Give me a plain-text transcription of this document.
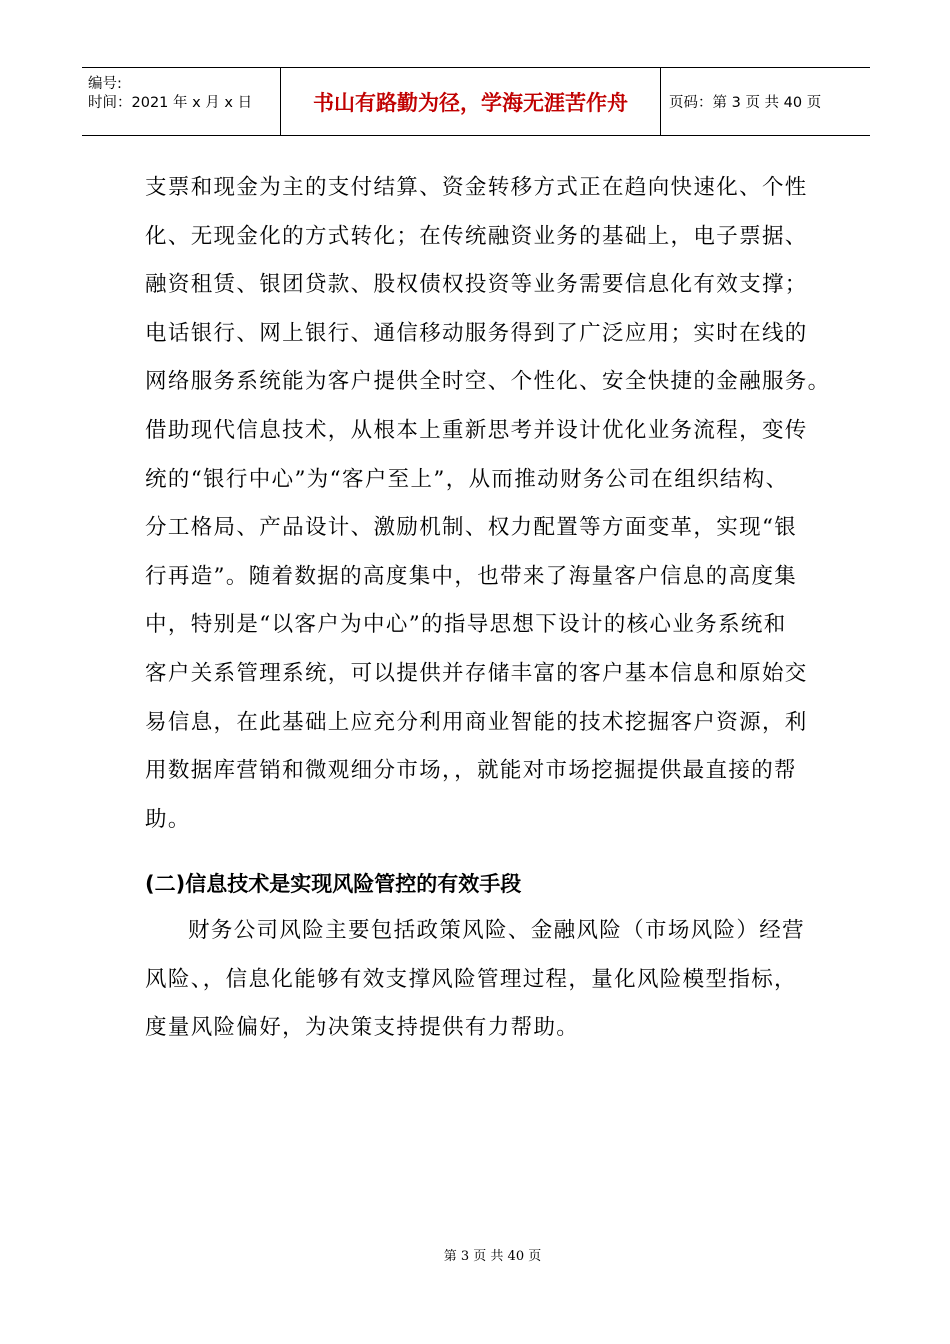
编号:
时间：2021 年 x 月 x 日	书山有路勤为径，学海无涯苦作舟	页码：第 3 页 共 40 页
支票和现金为主的支付结算、资金转移方式正在趋向快速化、个性
化、无现金化的方式转化；在传统融资业务的基础上，电子票据、
融资租赁、银团贷款、股权债权投资等业务需要信息化有效支撑；
电话银行、网上银行、通信移动服务得到了广泛应用；实时在线的
网络服务系统能为客户提供全时空、个性化、安全快捷的金融服务。
借助现代信息技术，从根本上重新思考并设计优化业务流程，变传
统的“银行中心”为“客户至上”，从而推动财务公司在组织结构、
分工格局、产品设计、激励机制、权力配置等方面变革，实现“银
行再造”。随着数据的高度集中，也带来了海量客户信息的高度集
中，特别是“以客户为中心”的指导思想下设计的核心业务系统和
客户关系管理系统，可以提供并存储丰富的客户基本信息和原始交
易信息，在此基础上应充分利用商业智能的技术挖掘客户资源，利
用数据库营销和微观细分市场，，就能对市场挖掘提供最直接的帮
助。
(二)信息技术是实现风险管控的有效手段
财务公司风险主要包括政策风险、金融风险（市场风险）经营
风险、，信息化能够有效支撑风险管理过程，量化风险模型指标，
度量风险偏好，为决策支持提供有力帮助。
第 3 页 共 40 页
